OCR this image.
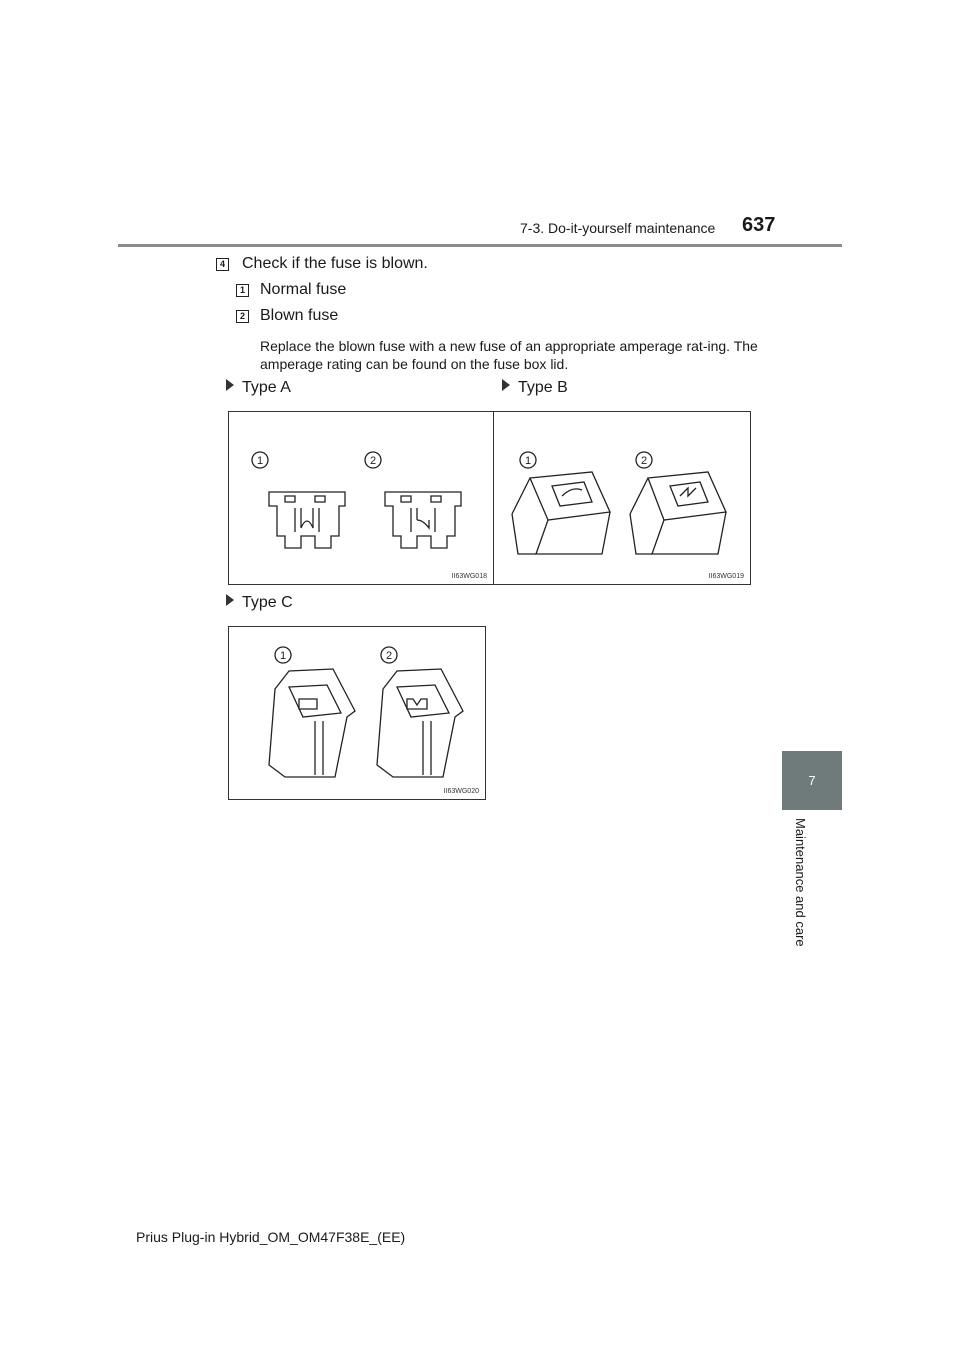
7-3. Do-it-yourself maintenance 637
7
Maintenance and care
4 Check if the fuse is blown.
1 Normal fuse
2 Blown fuse
Replace the blown fuse with a new fuse of an appropriate amperage rat-ing. The amperage rating can be found on the fuse box lid.
Type A	Type B
Type C
1	2
II63WG018
1	2
II63WG019
1	2
II63WG020
Prius Plug-in Hybrid_OM_OM47F38E_(EE)
